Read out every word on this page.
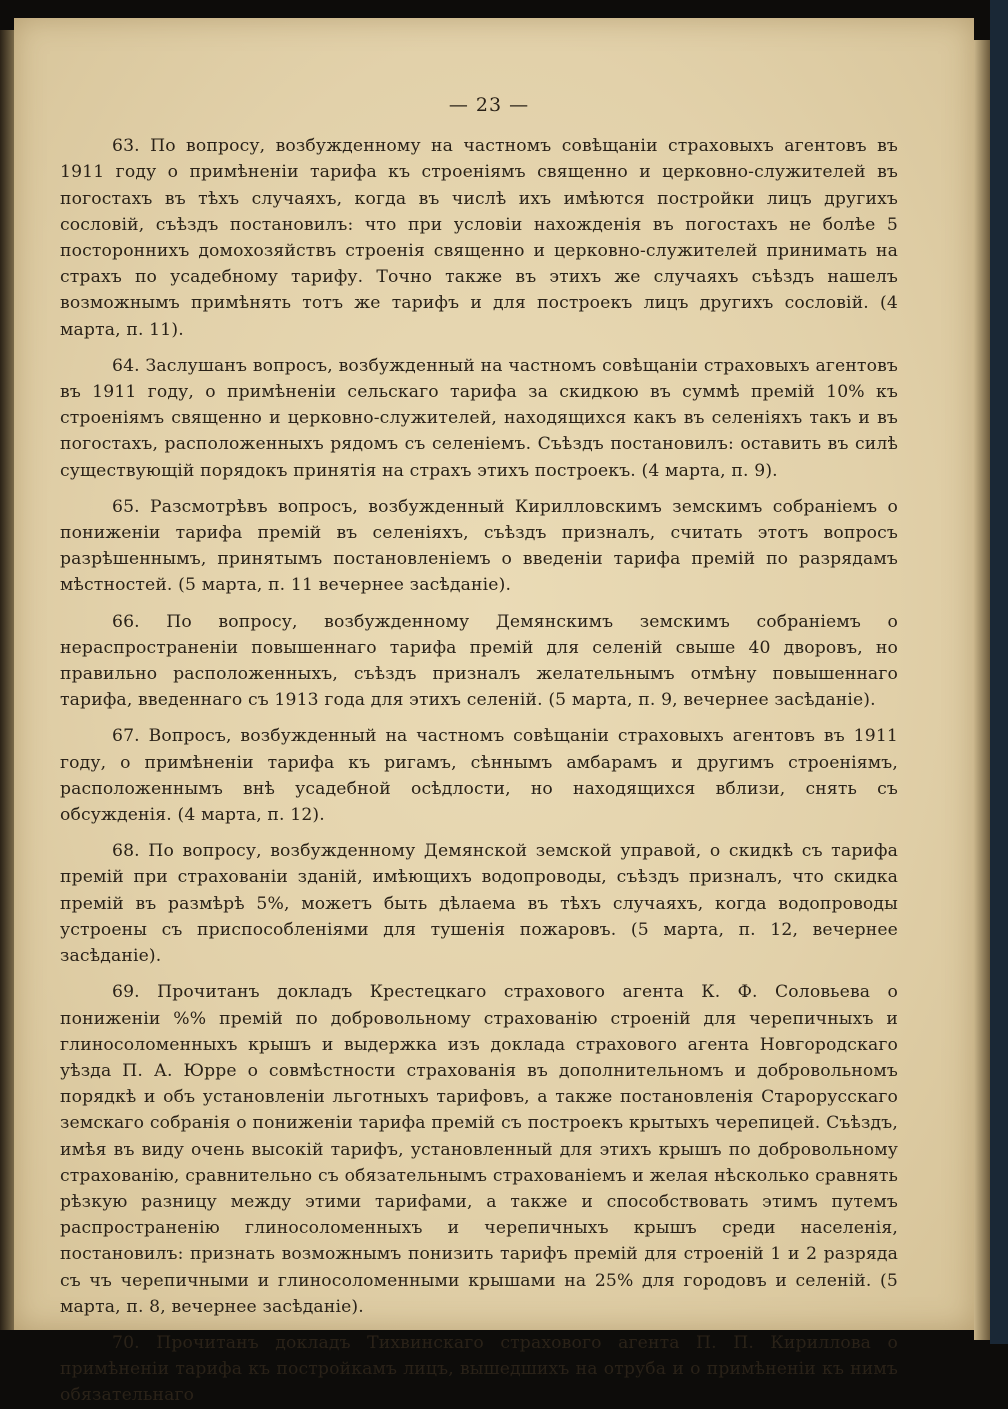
— 23 —

63. По вопросу, возбужденному на частномъ совѣщаніи страховыхъ агентовъ въ 1911 году о примѣненіи тарифа къ строеніямъ священно и церковно-служителей въ погостахъ въ тѣхъ случаяхъ, когда въ числѣ ихъ имѣются постройки лицъ другихъ сословій, съѣздъ постановилъ: что при условіи нахожденія въ погостахъ не болѣе 5 постороннихъ домохозяйствъ строенія священно и церковно-служителей принимать на страхъ по усадебному тарифу. Точно также въ этихъ же случаяхъ съѣздъ нашелъ возможнымъ примѣнять тотъ же тарифъ и для построекъ лицъ другихъ сословій. (4 марта, п. 11).

64. Заслушанъ вопросъ, возбужденный на частномъ совѣщаніи страховыхъ агентовъ въ 1911 году, о примѣненіи сельскаго тарифа за скидкою въ суммѣ премій 10% къ строеніямъ священно и церковно-служителей, находящихся какъ въ селеніяхъ такъ и въ погостахъ, расположенныхъ рядомъ съ селеніемъ. Съѣздъ постановилъ: оставить въ силѣ существующій порядокъ принятія на страхъ этихъ построекъ. (4 марта, п. 9).

65. Разсмотрѣвъ вопросъ, возбужденный Кирилловскимъ земскимъ собраніемъ о пониженіи тарифа премій въ селеніяхъ, съѣздъ призналъ, считать этотъ вопросъ разрѣшеннымъ, принятымъ постановленіемъ о введеніи тарифа премій по разрядамъ мѣстностей. (5 марта, п. 11 вечернее засѣданіе).

66. По вопросу, возбужденному Демянскимъ земскимъ собраніемъ о нераспространеніи повышеннаго тарифа премій для селеній свыше 40 дворовъ, но правильно расположенныхъ, съѣздъ призналъ желательнымъ отмѣну повышеннаго тарифа, введеннаго съ 1913 года для этихъ селеній. (5 марта, п. 9, вечернее засѣданіе).

67. Вопросъ, возбужденный на частномъ совѣщаніи страховыхъ агентовъ въ 1911 году, о примѣненіи тарифа къ ригамъ, сѣннымъ амбарамъ и другимъ строеніямъ, расположеннымъ внѣ усадебной осѣдлости, но находящихся вблизи, снять съ обсужденія. (4 марта, п. 12).

68. По вопросу, возбужденному Демянской земской управой, о скидкѣ съ тарифа премій при страхованіи зданій, имѣющихъ водопроводы, съѣздъ призналъ, что скидка премій въ размѣрѣ 5%, можетъ быть дѣлаема въ тѣхъ случаяхъ, когда водопроводы устроены съ приспособленіями для тушенія пожаровъ. (5 марта, п. 12, вечернее засѣданіе).

69. Прочитанъ докладъ Крестецкаго страхового агента К. Ф. Соловьева о пониженіи %% премій по добровольному страхованію строеній для черепичныхъ и глиносоломенныхъ крышъ и выдержка изъ доклада страхового агента Новгородскаго уѣзда П. А. Юрре о совмѣстности страхованія въ дополнительномъ и добровольномъ порядкѣ и объ установленіи льготныхъ тарифовъ, а также постановленія Старорусскаго земскаго собранія о пониженіи тарифа премій съ построекъ крытыхъ черепицей. Съѣздъ, имѣя въ виду очень высокій тарифъ, установленный для этихъ крышъ по добровольному страхованію, сравнительно съ обязательнымъ страхованіемъ и желая нѣсколько сравнять рѣзкую разницу между этими тарифами, а также и способствовать этимъ путемъ распространенію глиносоломенныхъ и черепичныхъ крышъ среди населенія, постановилъ: признать возможнымъ понизить тарифъ премій для строеній 1 и 2 разряда съ чъ черепичными и глиносоломенными крышами на 25% для городовъ и селеній. (5 марта, п. 8, вечернее засѣданіе).

70. Прочитанъ докладъ Тихвинскаго страхового агента П. П. Кириллова о примѣненіи тарифа къ постройкамъ лицъ, вышедшихъ на отруба и о примѣненіи къ нимъ обязательнаго
